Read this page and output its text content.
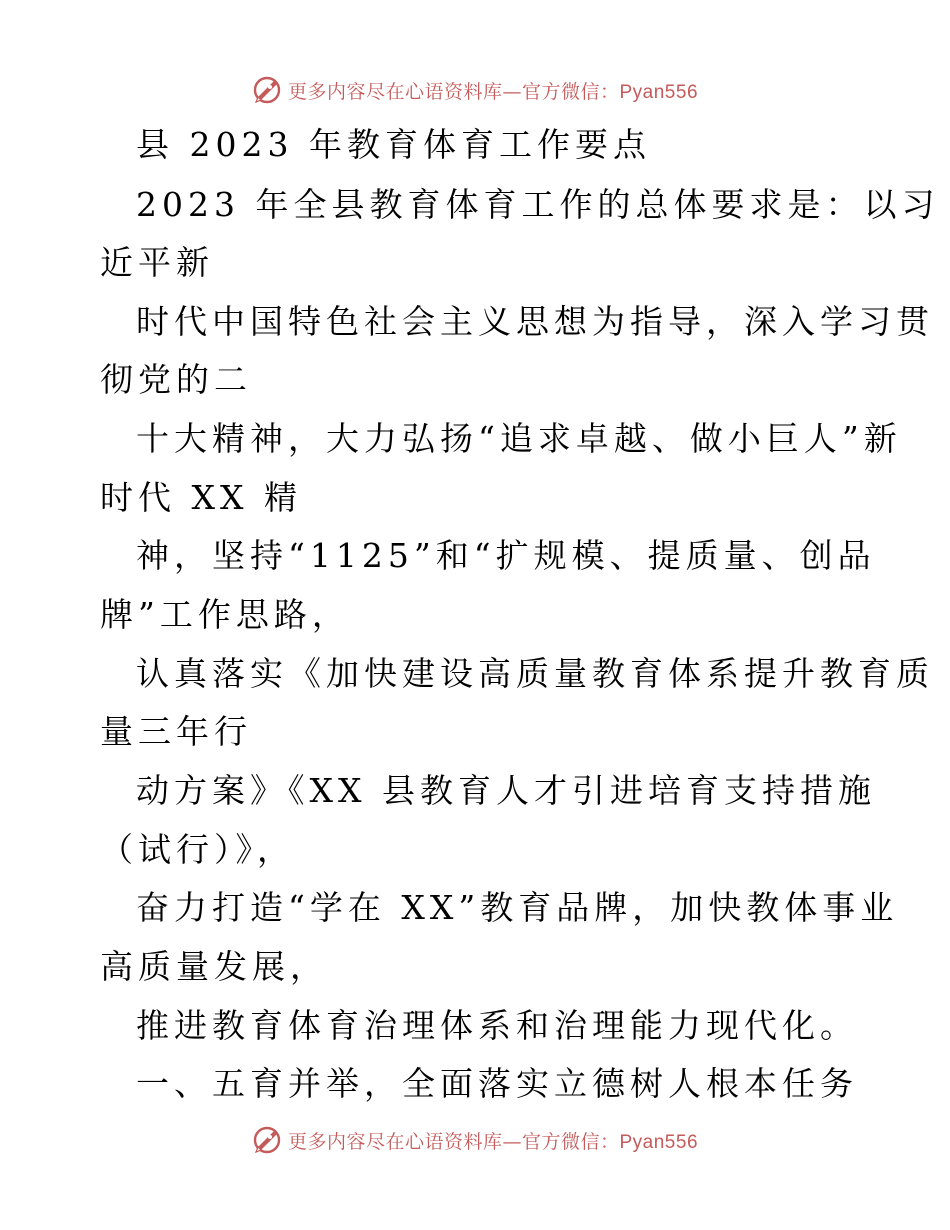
更多内容尽在心语资料库—官方微信：Pyan556
县 2023 年教育体育工作要点
2023 年全县教育体育工作的总体要求是：以习
近平新
时代中国特色社会主义思想为指导，深入学习贯
彻党的二
十大精神，大力弘扬“追求卓越、做小巨人”新
时代 XX 精
神，坚持“1125”和“扩规模、提质量、创品
牌”工作思路，
认真落实《加快建设高质量教育体系提升教育质
量三年行
动方案》《XX 县教育人才引进培育支持措施
（试行）》，
奋力打造“学在 XX”教育品牌，加快教体事业
高质量发展，
推进教育体育治理体系和治理能力现代化。
一、五育并举，全面落实立德树人根本任务
更多内容尽在心语资料库—官方微信：Pyan556
